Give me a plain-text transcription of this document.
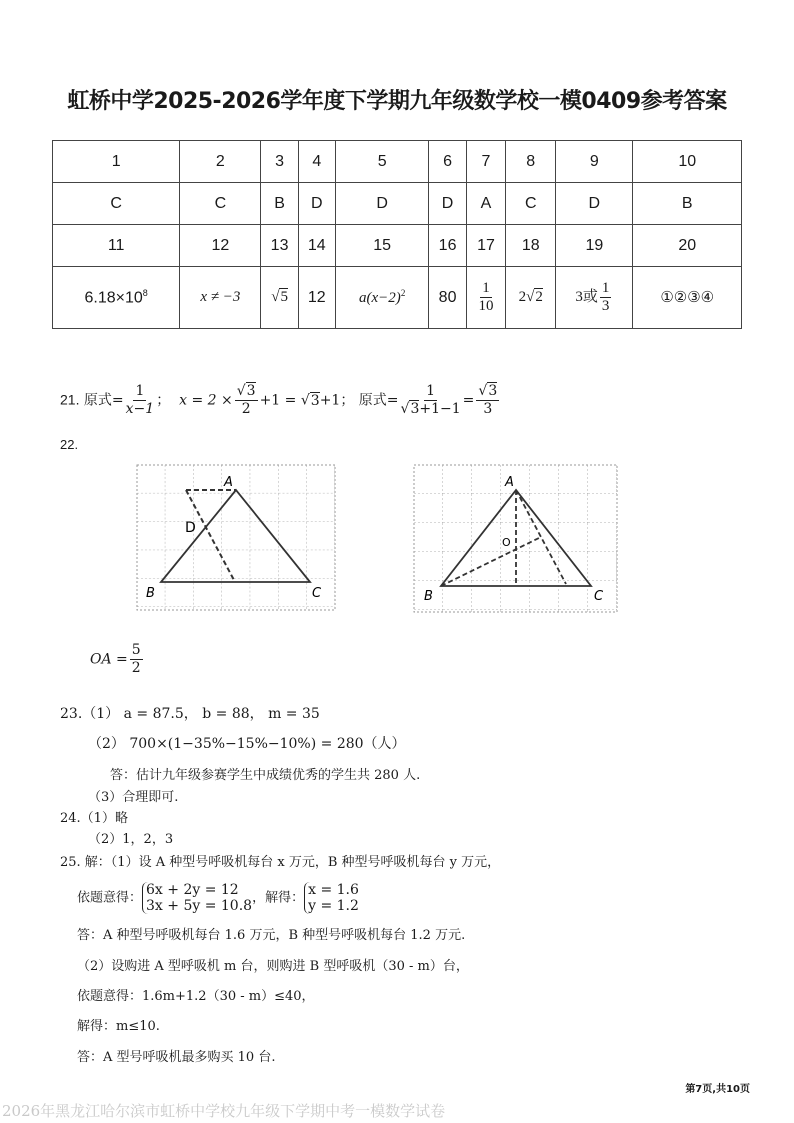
虹桥中学2025-2026学年度下学期九年级数学校一模0409参考答案
1	2	3	4	5	6	7	8	9	10
C	C	B	D	D	D	A	C	D	B
11	12	13	14	15	16	17	18	19	20
$6.18\times 10^8$	x ≠ −3	√5	12	$a(x-2)^2$	80	$\frac{1}{10}$	2√2	3或 $\frac{1}{3}$	①②③④
21. 原式= $\frac{1}{x-1}$ ； $x = 2 \times \frac{√3}{2} +1 = √3+1$； 原式= $\frac{1}{√3+1-1} = \frac{√3}{3}$
22.
A
B	C
D
A
B	C
O
OA = $\frac{5}{2}$
23.（1） a = 87.5， b = 88， m = 35
（2） 700×(1−35%−15%−10%) = 280（人）
答：估计九年级参赛学生中成绩优秀的学生共 280 人.
（3）合理即可.
24.（1）略
（2）1，2，3
25. 解：（1）设 A 种型号呼吸机每台 x 万元，B 种型号呼吸机每台 y 万元，
依题意得： 6x + 2y = 12
3x + 5y = 10.8 ，解得： x = 1.6
y = 1.2
答：A 种型号呼吸机每台 1.6 万元，B 种型号呼吸机每台 1.2 万元.
（2）设购进 A 型呼吸机 m 台，则购进 B 型呼吸机（30 - m）台，
依题意得：1.6m+1.2（30 - m）≤40，
解得：m≤10.
答：A 型号呼吸机最多购买 10 台.
第7页,共10页
2026年黑龙江哈尔滨市虹桥中学校九年级下学期中考一模数学试卷
